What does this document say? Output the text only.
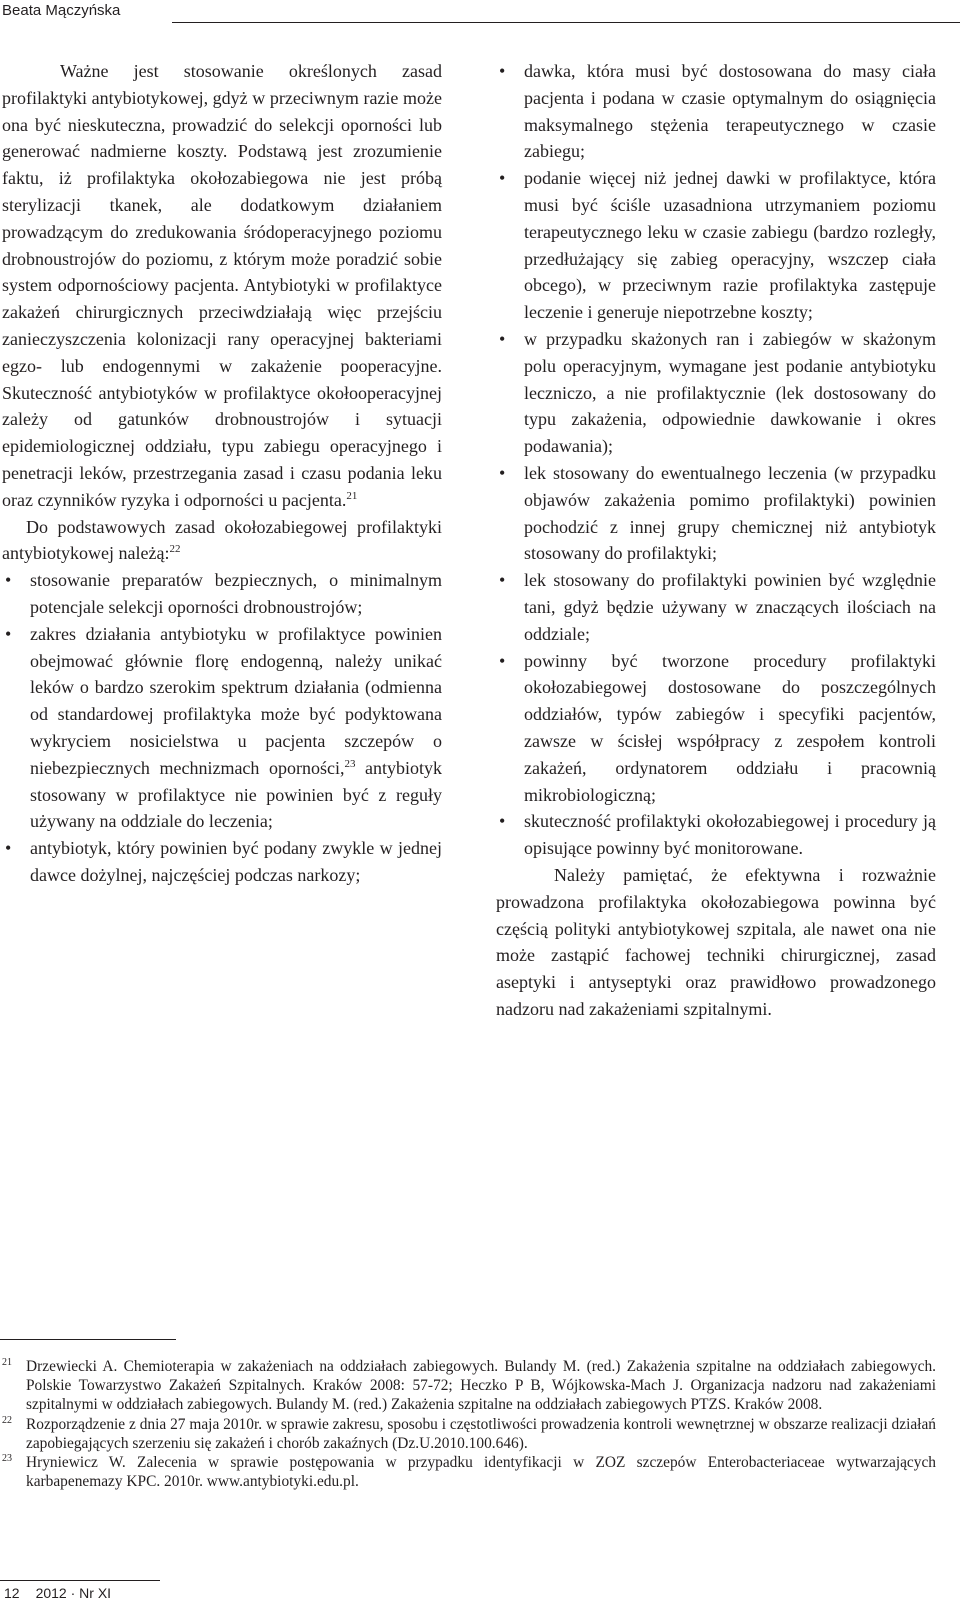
Beata Mączyńska

Ważne jest stosowanie określonych zasad profilaktyki antybiotykowej, gdyż w przeciwnym razie może ona być nieskuteczna, prowadzić do selekcji oporności lub generować nadmierne koszty. Podstawą jest zrozumienie faktu, iż profilaktyka okołozabiegowa nie jest próbą sterylizacji tkanek, ale dodatkowym działaniem prowadzącym do zredukowania śródoperacyjnego poziomu drobnoustrojów do poziomu, z którym może poradzić sobie system odpornościowy pacjenta. Antybiotyki w profilaktyce zakażeń chirurgicznych przeciwdziałają więc przejściu zanieczyszczenia kolonizacji rany operacyjnej bakteriami egzo- lub endogennymi w zakażenie pooperacyjne. Skuteczność antybiotyków w profilaktyce okołooperacyjnej zależy od gatunków drobnoustrojów i sytuacji epidemiologicznej oddziału, typu zabiegu operacyjnego i penetracji leków, przestrzegania zasad i czasu podania leku oraz czynników ryzyka i odporności u pacjenta.$^{21}$

Do podstawowych zasad okołozabiegowej profilaktyki antybiotykowej należą:$^{22}$

• stosowanie preparatów bezpiecznych, o minimalnym potencjale selekcji oporności drobnoustrojów;
• zakres działania antybiotyku w profilaktyce powinien obejmować głównie florę endogenną, należy unikać leków o bardzo szerokim spektrum działania (odmienna od standardowej profilaktyka może być podyktowana wykryciem nosicielstwa u pacjenta szczepów o niebezpiecznych mechnizmach oporności,$^{23}$ antybiotyk stosowany w profilaktyce nie powinien być z reguły używany na oddziale do leczenia;
• antybiotyk, który powinien być podany zwykle w jednej dawce dożylnej, najczęściej podczas narkozy;
• dawka, która musi być dostosowana do masy ciała pacjenta i podana w czasie optymalnym do osiągnięcia maksymalnego stężenia terapeutycznego w czasie zabiegu;
• podanie więcej niż jednej dawki w profilaktyce, która musi być ściśle uzasadniona utrzymaniem poziomu terapeutycznego leku w czasie zabiegu (bardzo rozległy, przedłużający się zabieg operacyjny, wszczep ciała obcego), w przeciwnym razie profilaktyka zastępuje leczenie i generuje niepotrzebne koszty;
• w przypadku skażonych ran i zabiegów w skażonym polu operacyjnym, wymagane jest podanie antybiotyku leczniczo, a nie profilaktycznie (lek dostosowany do typu zakażenia, odpowiednie dawkowanie i okres podawania);
• lek stosowany do ewentualnego leczenia (w przypadku objawów zakażenia pomimo profilaktyki) powinien pochodzić z innej grupy chemicznej niż antybiotyk stosowany do profilaktyki;
• lek stosowany do profilaktyki powinien być względnie tani, gdyż będzie używany w znaczących ilościach na oddziale;
• powinny być tworzone procedury profilaktyki okołozabiegowej dostosowane do poszczególnych oddziałów, typów zabiegów i specyfiki pacjentów, zawsze w ścisłej współpracy z zespołem kontroli zakażeń, ordynatorem oddziału i pracownią mikrobiologiczną;
• skuteczność profilaktyki okołozabiegowej i procedury ją opisujące powinny być monitorowane.

Należy pamiętać, że efektywna i rozważnie prowadzona profilaktyka okołozabiegowa powinna być częścią polityki antybiotykowej szpitala, ale nawet ona nie może zastąpić fachowej techniki chirurgicznej, zasad aseptyki i antyseptyki oraz prawidłowo prowadzonego nadzoru nad zakażeniami szpitalnymi.

21 Drzewiecki A. Chemioterapia w zakażeniach na oddziałach zabiegowych. Bulandy M. (red.) Zakażenia szpitalne na oddziałach zabiegowych. Polskie Towarzystwo Zakażeń Szpitalnych. Kraków 2008: 57-72; Heczko P B, Wójkowska-Mach J. Organizacja nadzoru nad zakażeniami szpitalnymi w oddziałach zabiegowych. Bulandy M. (red.) Zakażenia szpitalne na oddziałach zabiegowych PTZS. Kraków 2008.

22 Rozporządzenie z dnia 27 maja 2010r. w sprawie zakresu, sposobu i częstotliwości prowadzenia kontroli wewnętrznej w obszarze realizacji działań zapobiegających szerzeniu się zakażeń i chorób zakaźnych (Dz.U.2010.100.646).

23 Hryniewicz W. Zalecenia w sprawie postępowania w przypadku identyfikacji w ZOZ szczepów Enterobacteriaceae wytwarzających karbapenemazy KPC. 2010r. www.antybiotyki.edu.pl.

12 2012 · Nr XI
